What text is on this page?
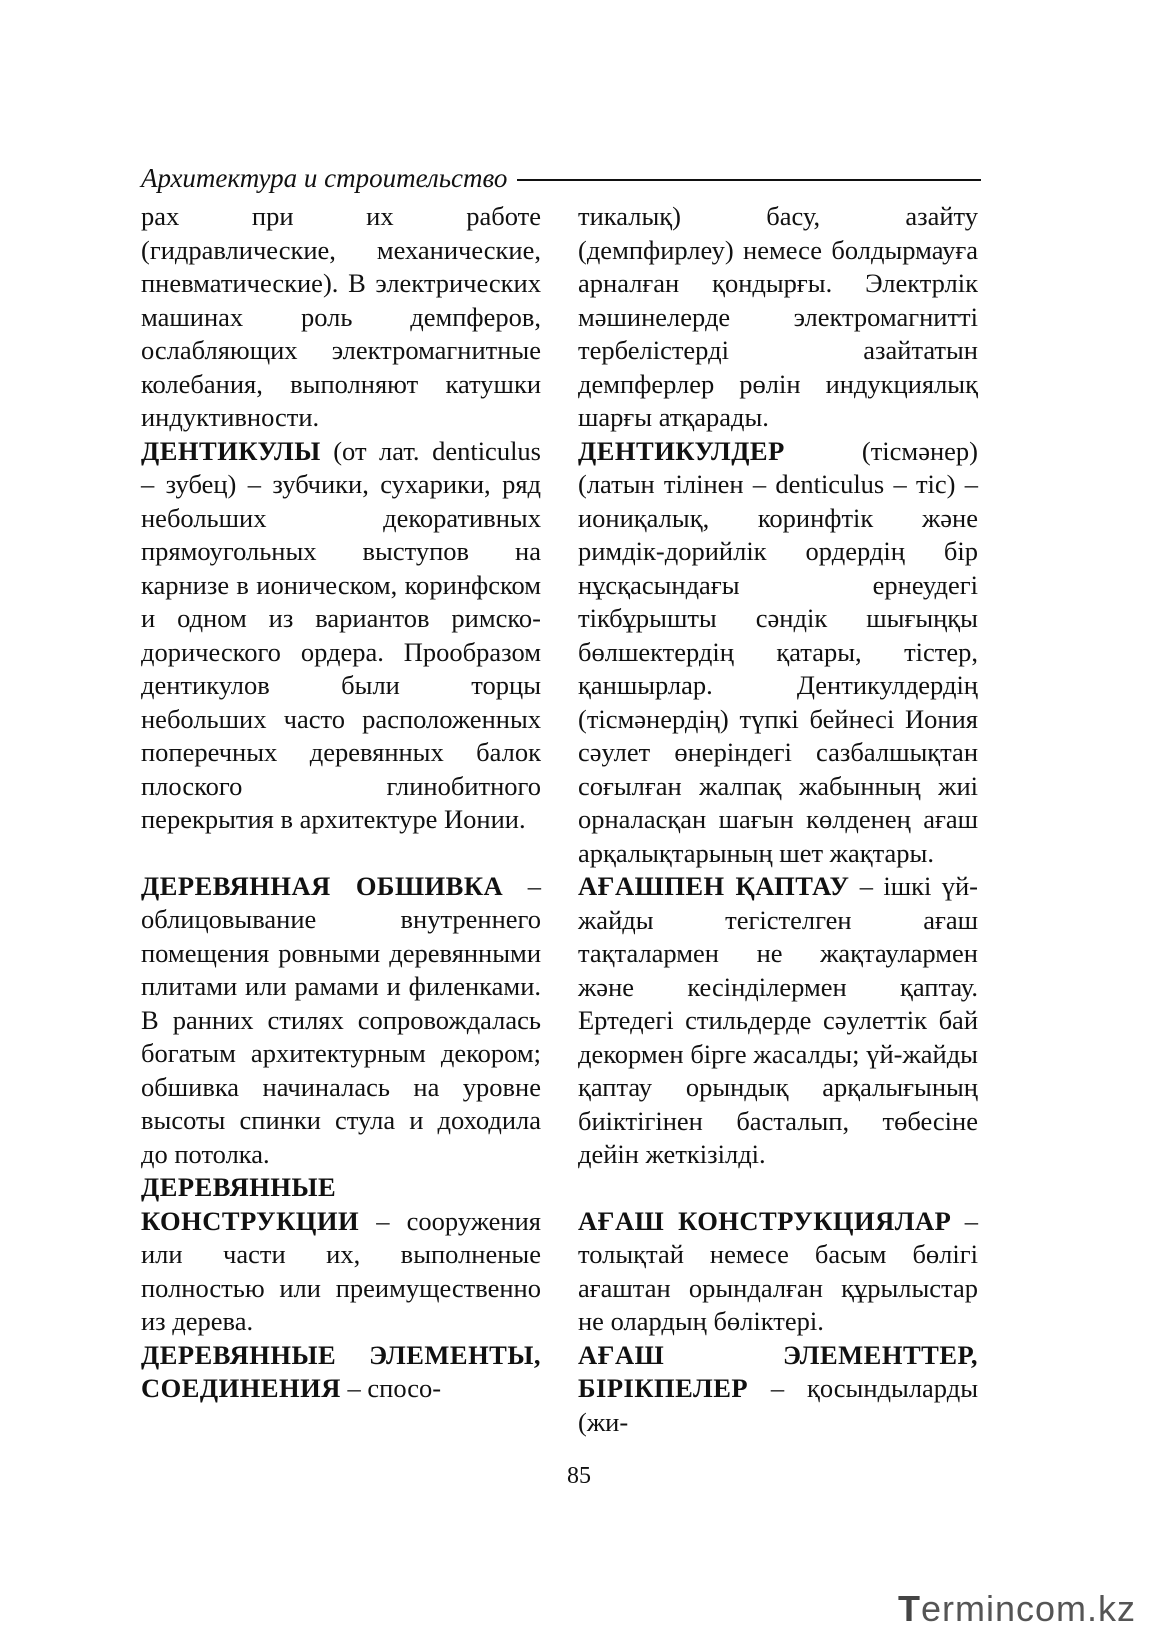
Архитектура и строительство

рах при их работе (гидравлические, механические, пневматические). В электрических машинах роль демпферов, ослабляющих электромагнитные колебания, выполняют катушки индуктивности.

ДЕНТИКУЛЫ (от лат. denticulus – зубец) – зубчики, сухарики, ряд небольших декоративных прямоугольных выступов на карнизе в ионическом, коринфском и одном из вариантов римско-дорического ордера. Прообразом дентикулов были торцы небольших часто расположенных поперечных деревянных балок плоского глинобитного перекрытия в архитектуре Ионии.

ДЕРЕВЯННАЯ ОБШИВКА – облицовывание внутреннего помещения ровными деревянными плитами или рамами и филенками. В ранних стилях сопровождалась богатым архитектурным декором; обшивка начиналась на уровне высоты спинки стула и доходила до потолка.

ДЕРЕВЯННЫЕ КОНСТРУКЦИИ – сооружения или части их, выполненые полностью или преимущественно из дерева.

ДЕРЕВЯННЫЕ ЭЛЕМЕНТЫ, СОЕДИНЕНИЯ – спосо-

тикалық) басу, азайту (демпфирлеу) немесе болдырмауға арналған қондырғы. Электрлік мәшинелерде электромагнитті тербелістерді азайтатын демпферлер рөлін индукциялық шарғы атқарады.

ДЕНТИКУЛДЕР (тісмәнер) (латын тілінен – denticulus – тіс) – иониқалық, коринфтік және римдік-дорийлік ордердің бір нұсқасындағы ернеудегі тікбұрышты сәндік шығыңқы бөлшектердің қатары, тістер, қаншырлар. Дентикулдердің (тісмәнердің) түпкі бейнесі Иония сәулет өнеріндегі сазбалшықтан соғылған жалпақ жабынның жиі орналасқан шағын көлденең ағаш арқалықтарының шет жақтары.

АҒАШПЕН ҚАПТАУ – ішкі үй-жайды тегістелген ағаш тақталармен не жақтаулармен және кесінділермен қаптау. Ертедегі стильдерде сәулеттік бай декормен бірге жасалды; үй-жайды қаптау орындық арқалығының биіктігінен басталып, төбесіне дейін жеткізілді.

АҒАШ КОНСТРУКЦИЯЛАР – толықтай немесе басым бөлігі ағаштан орындалған құрылыстар не олардың бөліктері.

АҒАШ ЭЛЕМЕНТТЕР, БІРІКПЕЛЕР – қосындыларды (жи-

85
Termincom.kz
